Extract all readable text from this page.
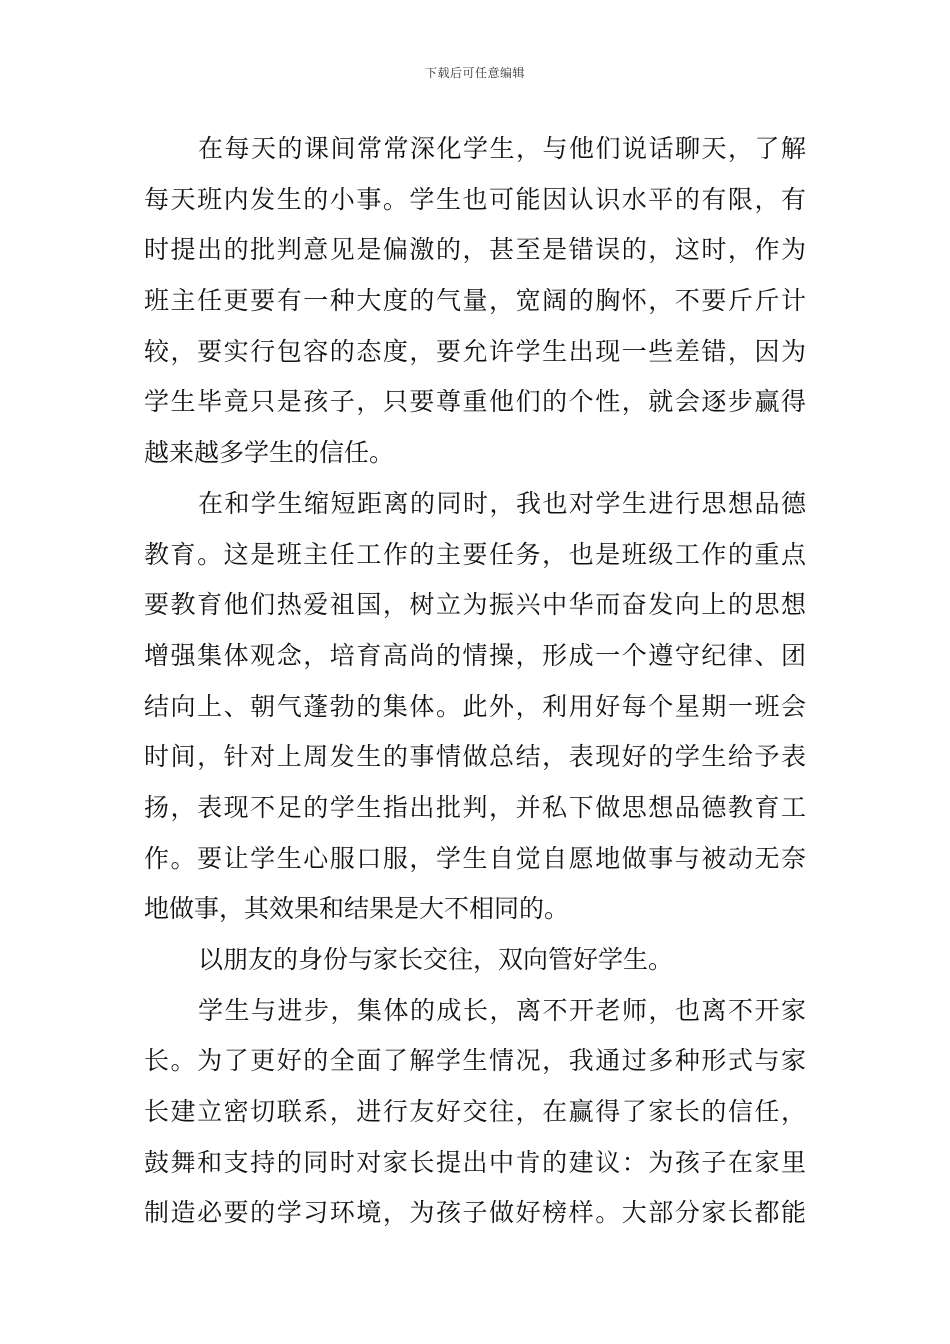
下载后可任意编辑
在每天的课间常常深化学生，与他们说话聊天，了解
每天班内发生的小事。学生也可能因认识水平的有限，有
时提出的批判意见是偏激的，甚至是错误的，这时，作为
班主任更要有一种大度的气量，宽阔的胸怀，不要斤斤计
较，要实行包容的态度，要允许学生出现一些差错，因为
学生毕竟只是孩子，只要尊重他们的个性，就会逐步赢得
越来越多学生的信任。
在和学生缩短距离的同时，我也对学生进行思想品德
教育。这是班主任工作的主要任务，也是班级工作的重点
要教育他们热爱祖国，树立为振兴中华而奋发向上的思想
增强集体观念，培育高尚的情操，形成一个遵守纪律、团
结向上、朝气蓬勃的集体。此外，利用好每个星期一班会
时间，针对上周发生的事情做总结，表现好的学生给予表
扬，表现不足的学生指出批判，并私下做思想品德教育工
作。要让学生心服口服，学生自觉自愿地做事与被动无奈
地做事，其效果和结果是大不相同的。
以朋友的身份与家长交往，双向管好学生。
学生与进步，集体的成长，离不开老师，也离不开家
长。为了更好的全面了解学生情况，我通过多种形式与家
长建立密切联系，进行友好交往，在赢得了家长的信任，
鼓舞和支持的同时对家长提出中肯的建议：为孩子在家里
制造必要的学习环境，为孩子做好榜样。大部分家长都能
